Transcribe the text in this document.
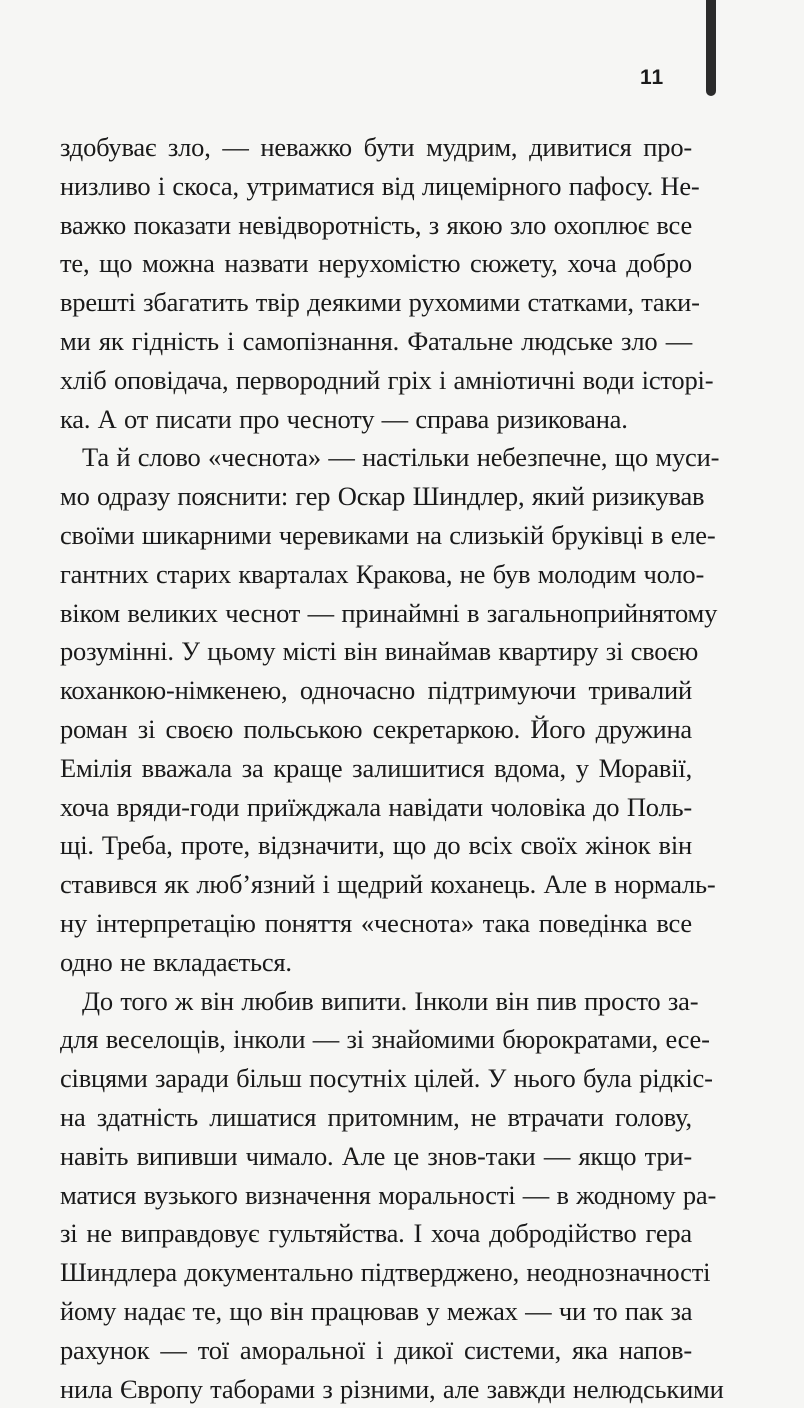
11
здобуває зло, — неважко бути мудрим, дивитися про-
низливо і скоса, утриматися від лицемірного пафосу. Не-
важко показати невідворотність, з якою зло охоплює все
те, що можна назвати нерухомістю сюжету, хоча добро
врешті збагатить твір деякими рухомими статками, таки-
ми як гідність і самопізнання. Фатальне людське зло —
хліб оповідача, первородний гріх і амніотичні води історі-
ка. А от писати про чесноту — справа ризикована.
Та й слово «чеснота» — настільки небезпечне, що муси-
мо одразу пояснити: гер Оскар Шиндлер, який ризикував
своїми шикарними черевиками на слизькій бруківці в еле-
гантних старих кварталах Кракова, не був молодим чоло-
віком великих чеснот — принаймні в загальноприйнятому
розумінні. У цьому місті він винаймав квартиру зі своєю
коханкою-німкенею, одночасно підтримуючи тривалий
роман зі своєю польською секретаркою. Його дружина
Емілія вважала за краще залишитися вдома, у Моравії,
хоча вряди-годи приїжджала навідати чоловіка до Поль-
щі. Треба, проте, відзначити, що до всіх своїх жінок він
ставився як люб’язний і щедрий коханець. Але в нормаль-
ну інтерпретацію поняття «чеснота» така поведінка все
одно не вкладається.
До того ж він любив випити. Інколи він пив просто за-
для веселощів, інколи — зі знайомими бюрократами, есе-
сівцями заради більш посутніх цілей. У нього була рідкіс-
на здатність лишатися притомним, не втрачати голову,
навіть випивши чимало. Але це знов-таки — якщо три-
матися вузького визначення моральності — в жодному ра-
зі не виправдовує гультяйства. І хоча добродійство гера
Шиндлера документально підтверджено, неоднозначності
йому надає те, що він працював у межах — чи то пак за
рахунок — тої аморальної і дикої системи, яка напов-
нила Європу таборами з різними, але завжди нелюдськими
